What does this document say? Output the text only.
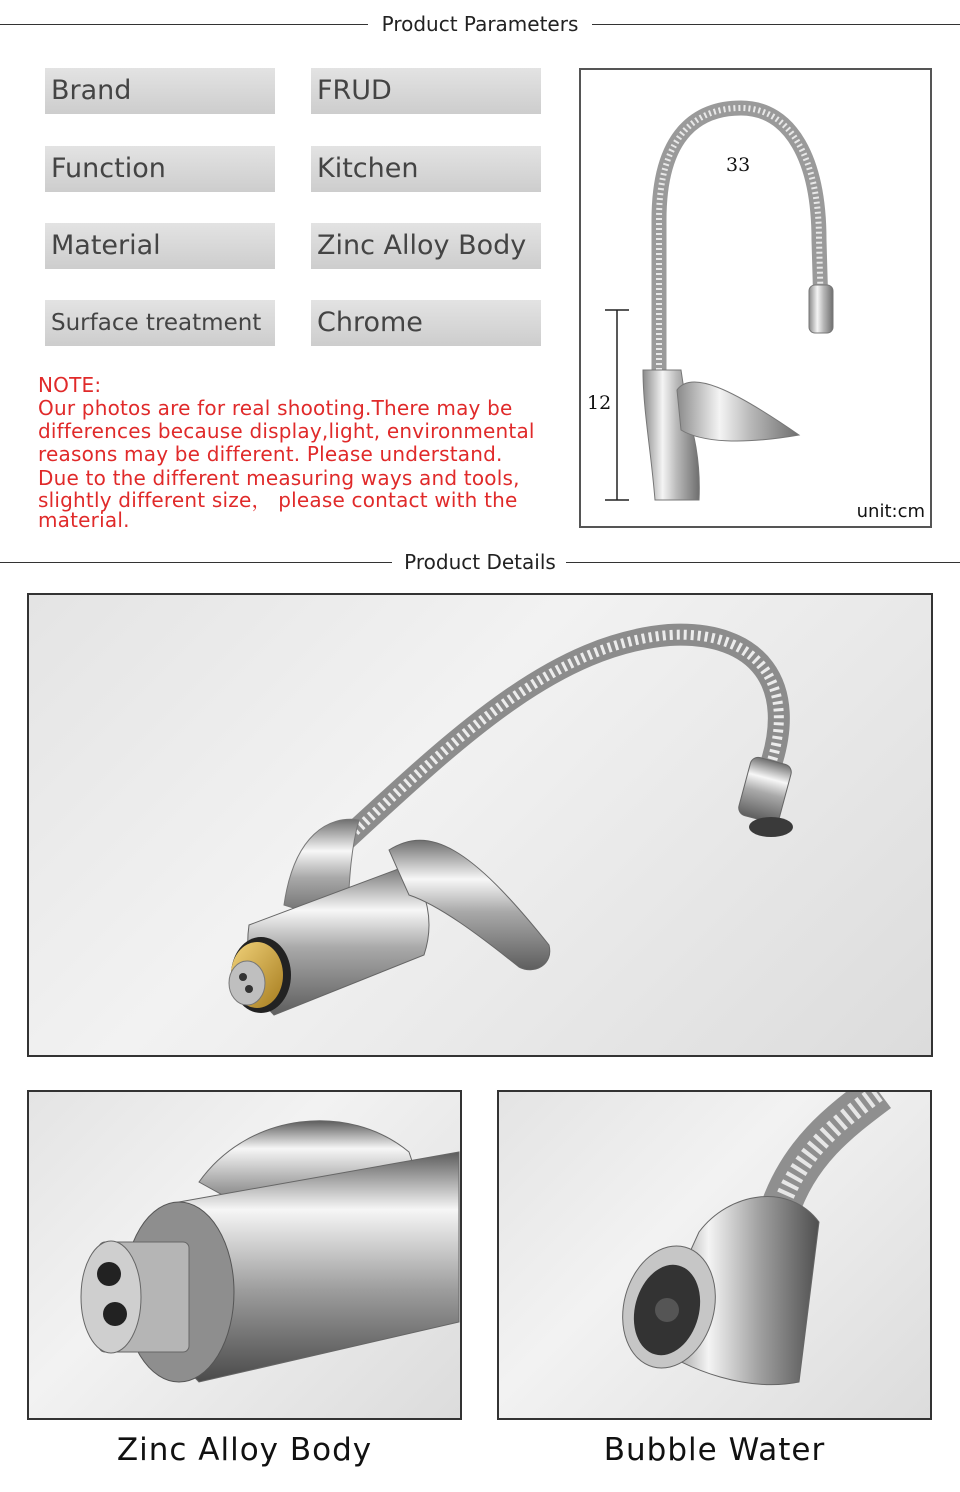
Product Parameters
Brand	FRUD
Function	Kitchen
Material	Zinc Alloy Body
Surface treatment	Chrome
NOTE:
Our photos are for real shooting.There may be
differences because display,light, environmental
reasons may be different. Please understand.
Due to the different measuring ways and tools,
slightly different size， please contact with the
material.
33
12
unit:cm
Product Details
Zinc Alloy Body	Bubble Water
